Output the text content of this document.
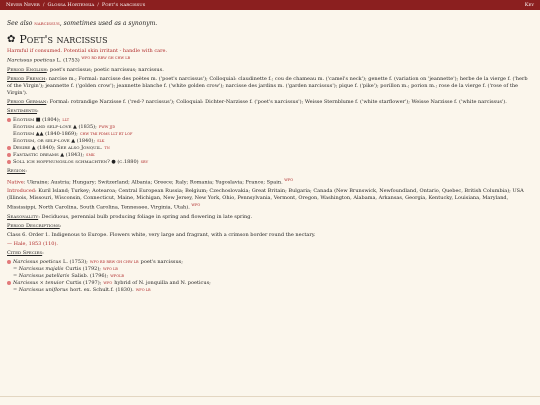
Never Never / Glossa Hortensia / Poet's narcissus	Key

See also narcissus, sometimes used as a synonym.

✿ Poet's narcissus

Harmful if consumed. Potential skin irritant - handle with care.

Narcissus poeticus L. (1753) $^{WFO RD RBW GH CHW LB}$

Period English: poet's narcissus; poetic narcissus; narcissus.

Period French: narcise m.; Formal: narcisse des poètes m. ('poet's narcissus'); Colloquial: claudinette f.; cou de chameau m. ('camel's neck'); genette f. (variation on 'jeannette'); herbe de la vierge f. ('herb of the Virgin'); jeannette f. ('golden crow'); jeannette blanche f. ('white golden crow'); narcisse des jardins m. ('garden narcissus'); pique f. ('pike'); porillon m.; porion m.; rose de la vierge f. ('rose of the Virgin').

Period German: Formal: rotrandige Narzisse f. ('red-? narcissus'); Colloquial: Dichter-Narzisse f. ('poet's narcissus'); Weisse Sternblume f. ('white starflower'); Weisse Narzisse f. ('white narcissus').

Sentiments:

Egotism ■ (1804); LLT
Egotism and self-love ▲ (1835); FWW JJD
Egotism ▲▲ (1840-1869); CHW TMI PDMS LLT RT LOF
Egotism, or self-love ▲ (1840); SLK
Desire ▲ (1840); See also Jonquil. TN
Fantastic dreams ▲ (1843); SMK
Soll ich hoffnungslos schmachten? ● (c.1880) SBV

Region:

Native: Ukraine; Austria; Hungary; Switzerland; Albania; Greece; Italy; Romania; Yugoslavia; France; Spain. $^{WFO}$

Introduced: Kuril Island; Turkey; Aotearoa; Central European Russia; Belgium; Czechoslovakia; Great Britain; Bulgaria; Canada (New Brunswick, Newfoundland, Ontario, Quebec, British Columbia); USA (Illinois, Missouri, Wisconsin, Connecticut, Maine, Michigan, New Jersey, New York, Ohio, Pennsylvania, Vermont, Oregon, Washington, Alabama, Arkansas, Georgia, Kentucky, Louisiana, Maryland, Mississippi, North Carolina, South Carolina, Tennessee, Virginia, Utah). $^{WFO}$

Seasonality: Deciduous, perennial bulb producing foliage in spring and flowering in late spring.

Period Descriptions:

Class 6. Order 1. Indigenous to Europe. Flowers white, very large and fragrant, with a crimson border round the nectary.

— Hale, 1853 (110).

Cited Species:

Narcissus poeticus L. (1753); WFO RD RBW GH CHW LB poet's narcissus;
= Narcissus majalis Curtis (1792); WFO LB
= Narcissus patellaris Salisb. (1796); WFOLB
Narcissus × tenuior Curtis (1797); WFO hybrid of N. jonquilla and N. poeticus;
= Narcissus uniflorus hort. ex. Schult.f. (1830). WFO LB
